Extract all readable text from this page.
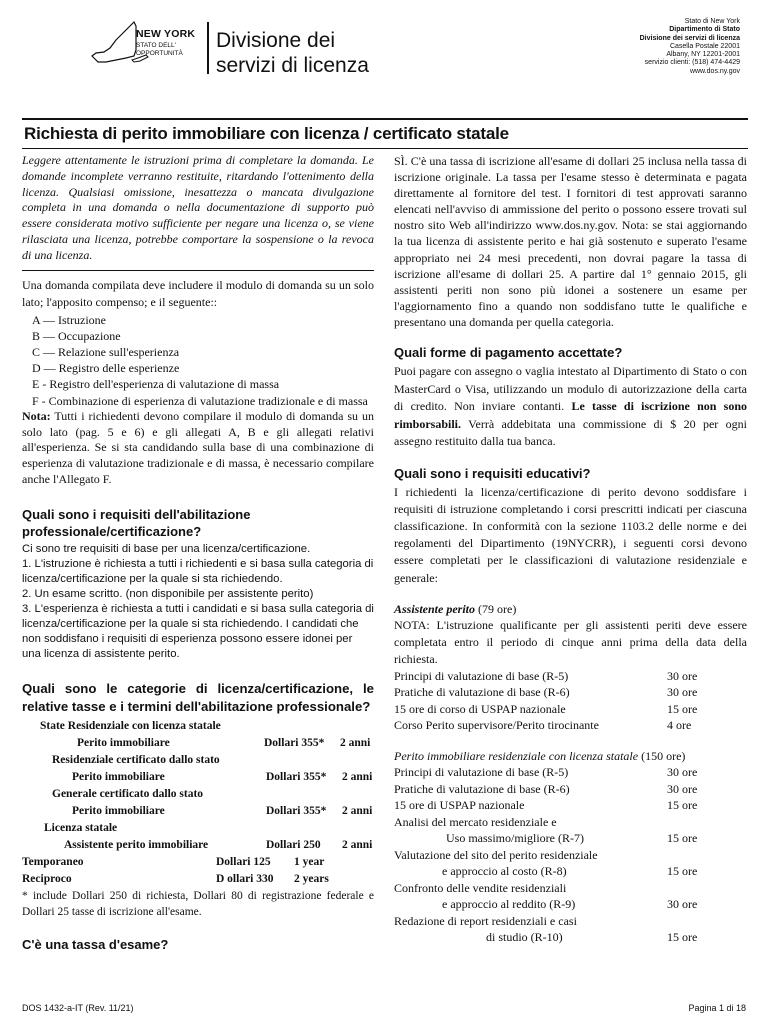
NEW YORK
STATO DELL'
OPPORTUNITÀ
Divisione dei
servizi di licenza
Stato di New York
Dipartimento di Stato
Divisione dei servizi di licenza
Casella Postale 22001
Albany, NY 12201-2001
servizio clienti: (518) 474-4429
www.dos.ny.gov
Richiesta di perito immobiliare con licenza / certificato statale
Leggere attentamente le istruzioni prima di completare la domanda. Le domande incomplete verranno restituite, ritardando l'ottenimento della licenza. Qualsiasi omissione, inesattezza o mancata divulgazione completa in una domanda o nella documentazione di supporto può essere considerata motivo sufficiente per negare una licenza o, se viene rilasciata una licenza, potrebbe comportare la sospensione o la revoca di una licenza.
Una domanda compilata deve includere il modulo di domanda su un solo lato; l'apposito compenso; e il seguente::
A — Istruzione
B — Occupazione
C — Relazione sull'esperienza
D — Registro delle esperienze
E - Registro dell'esperienza di valutazione di massa
F - Combinazione di esperienza di valutazione tradizionale e di massa
Nota: Tutti i richiedenti devono compilare il modulo di domanda su un solo lato (pag. 5 e 6) e gli allegati A, B e gli allegati relativi all'esperienza. Se si sta candidando sulla base di una combinazione di esperienza di valutazione tradizionale e di massa, è necessario compilare anche l'Allegato F.
Quali sono i requisiti dell'abilitazione professionale/certificazione?
Ci sono tre requisiti di base per una licenza/certificazione.
1. L'istruzione è richiesta a tutti i richiedenti e si basa sulla categoria di licenza/certificazione per la quale si sta richiedendo.
2. Un esame scritto. (non disponibile per assistente perito)
3. L'esperienza è richiesta a tutti i candidati e si basa sulla categoria di licenza/certificazione per la quale si sta richiedendo. I candidati che non soddisfano i requisiti di esperienza possono essere idonei per una licenza di assistente perito.
Quali sono le categorie di licenza/certificazione, le relative tasse e i termini dell'abilitazione professionale?
State Residenziale con licenza statale
Perito immobiliare	Dollari 355* 2 anni
Residenziale certificato dallo stato
Perito immobiliare	Dollari 355* 2 anni
Generale certificato dallo stato
Perito immobiliare	Dollari 355* 2 anni
Licenza statale
Assistente perito immobiliare	Dollari 250 2 anni
Temporaneo	Dollari 125 1 year
Reciproco	D ollari 330 2 years
* include Dollari 250 di richiesta, Dollari 80 di registrazione federale e Dollari 25 tasse di iscrizione all'esame.
C'è una tassa d'esame?
SÌ. C'è una tassa di iscrizione all'esame di dollari 25 inclusa nella tassa di iscrizione originale. La tassa per l'esame stesso è determinata e pagata direttamente al fornitore del test. I fornitori di test approvati saranno elencati nell'avviso di ammissione del perito o possono essere trovati sul nostro sito Web all'indirizzo www.dos.ny.gov. Nota: se stai aggiornando la tua licenza di assistente perito e hai già sostenuto e superato l'esame appropriato nei 24 mesi precedenti, non dovrai pagare la tassa di iscrizione all'esame di dollari 25. A partire dal 1° gennaio 2015, gli assistenti periti non sono più idonei a sostenere un esame per l'aggiornamento fino a quando non soddisfano tutte le qualifiche e presentano una domanda per quella categoria.
Quali forme di pagamento accettate?
Puoi pagare con assegno o vaglia intestato al Dipartimento di Stato o con MasterCard o Visa, utilizzando un modulo di autorizzazione della carta di credito. Non inviare contanti. Le tasse di iscrizione non sono rimborsabili. Verrà addebitata una commissione di $ 20 per ogni assegno restituito dalla tua banca.
Quali sono i requisiti educativi?
I richiedenti la licenza/certificazione di perito devono soddisfare i requisiti di istruzione completando i corsi prescritti indicati per ciascuna classificazione. In conformità con la sezione 1103.2 delle norme e dei regolamenti del Dipartimento (19NYCRR), i seguenti corsi devono essere completati per le classificazioni di valutazione residenziale e generale:
Assistente perito (79 ore)
NOTA: L'istruzione qualificante per gli assistenti periti deve essere completata entro il periodo di cinque anni prima della data della richiesta.
Principi di valutazione di base (R-5)	30 ore
Pratiche di valutazione di base (R-6)	30 ore
15 ore di corso di USPAP nazionale	15 ore
Corso Perito supervisore/Perito tirocinante	4 ore
Perito immobiliare residenziale con licenza statale (150 ore)
Principi di valutazione di base (R-5)	30 ore
Pratiche di valutazione di base (R-6)	30 ore
15 ore di USPAP nazionale	15 ore
Analisi del mercato residenziale e
Uso massimo/migliore (R-7)	15 ore
Valutazione del sito del perito residenziale
e approccio al costo (R-8)	15 ore
Confronto delle vendite residenziali
e approccio al reddito (R-9)	30 ore
Redazione di report residenziali e casi
di studio (R-10)	15 ore
DOS 1432-a-IT (Rev. 11/21)	Pagina 1 di 18
